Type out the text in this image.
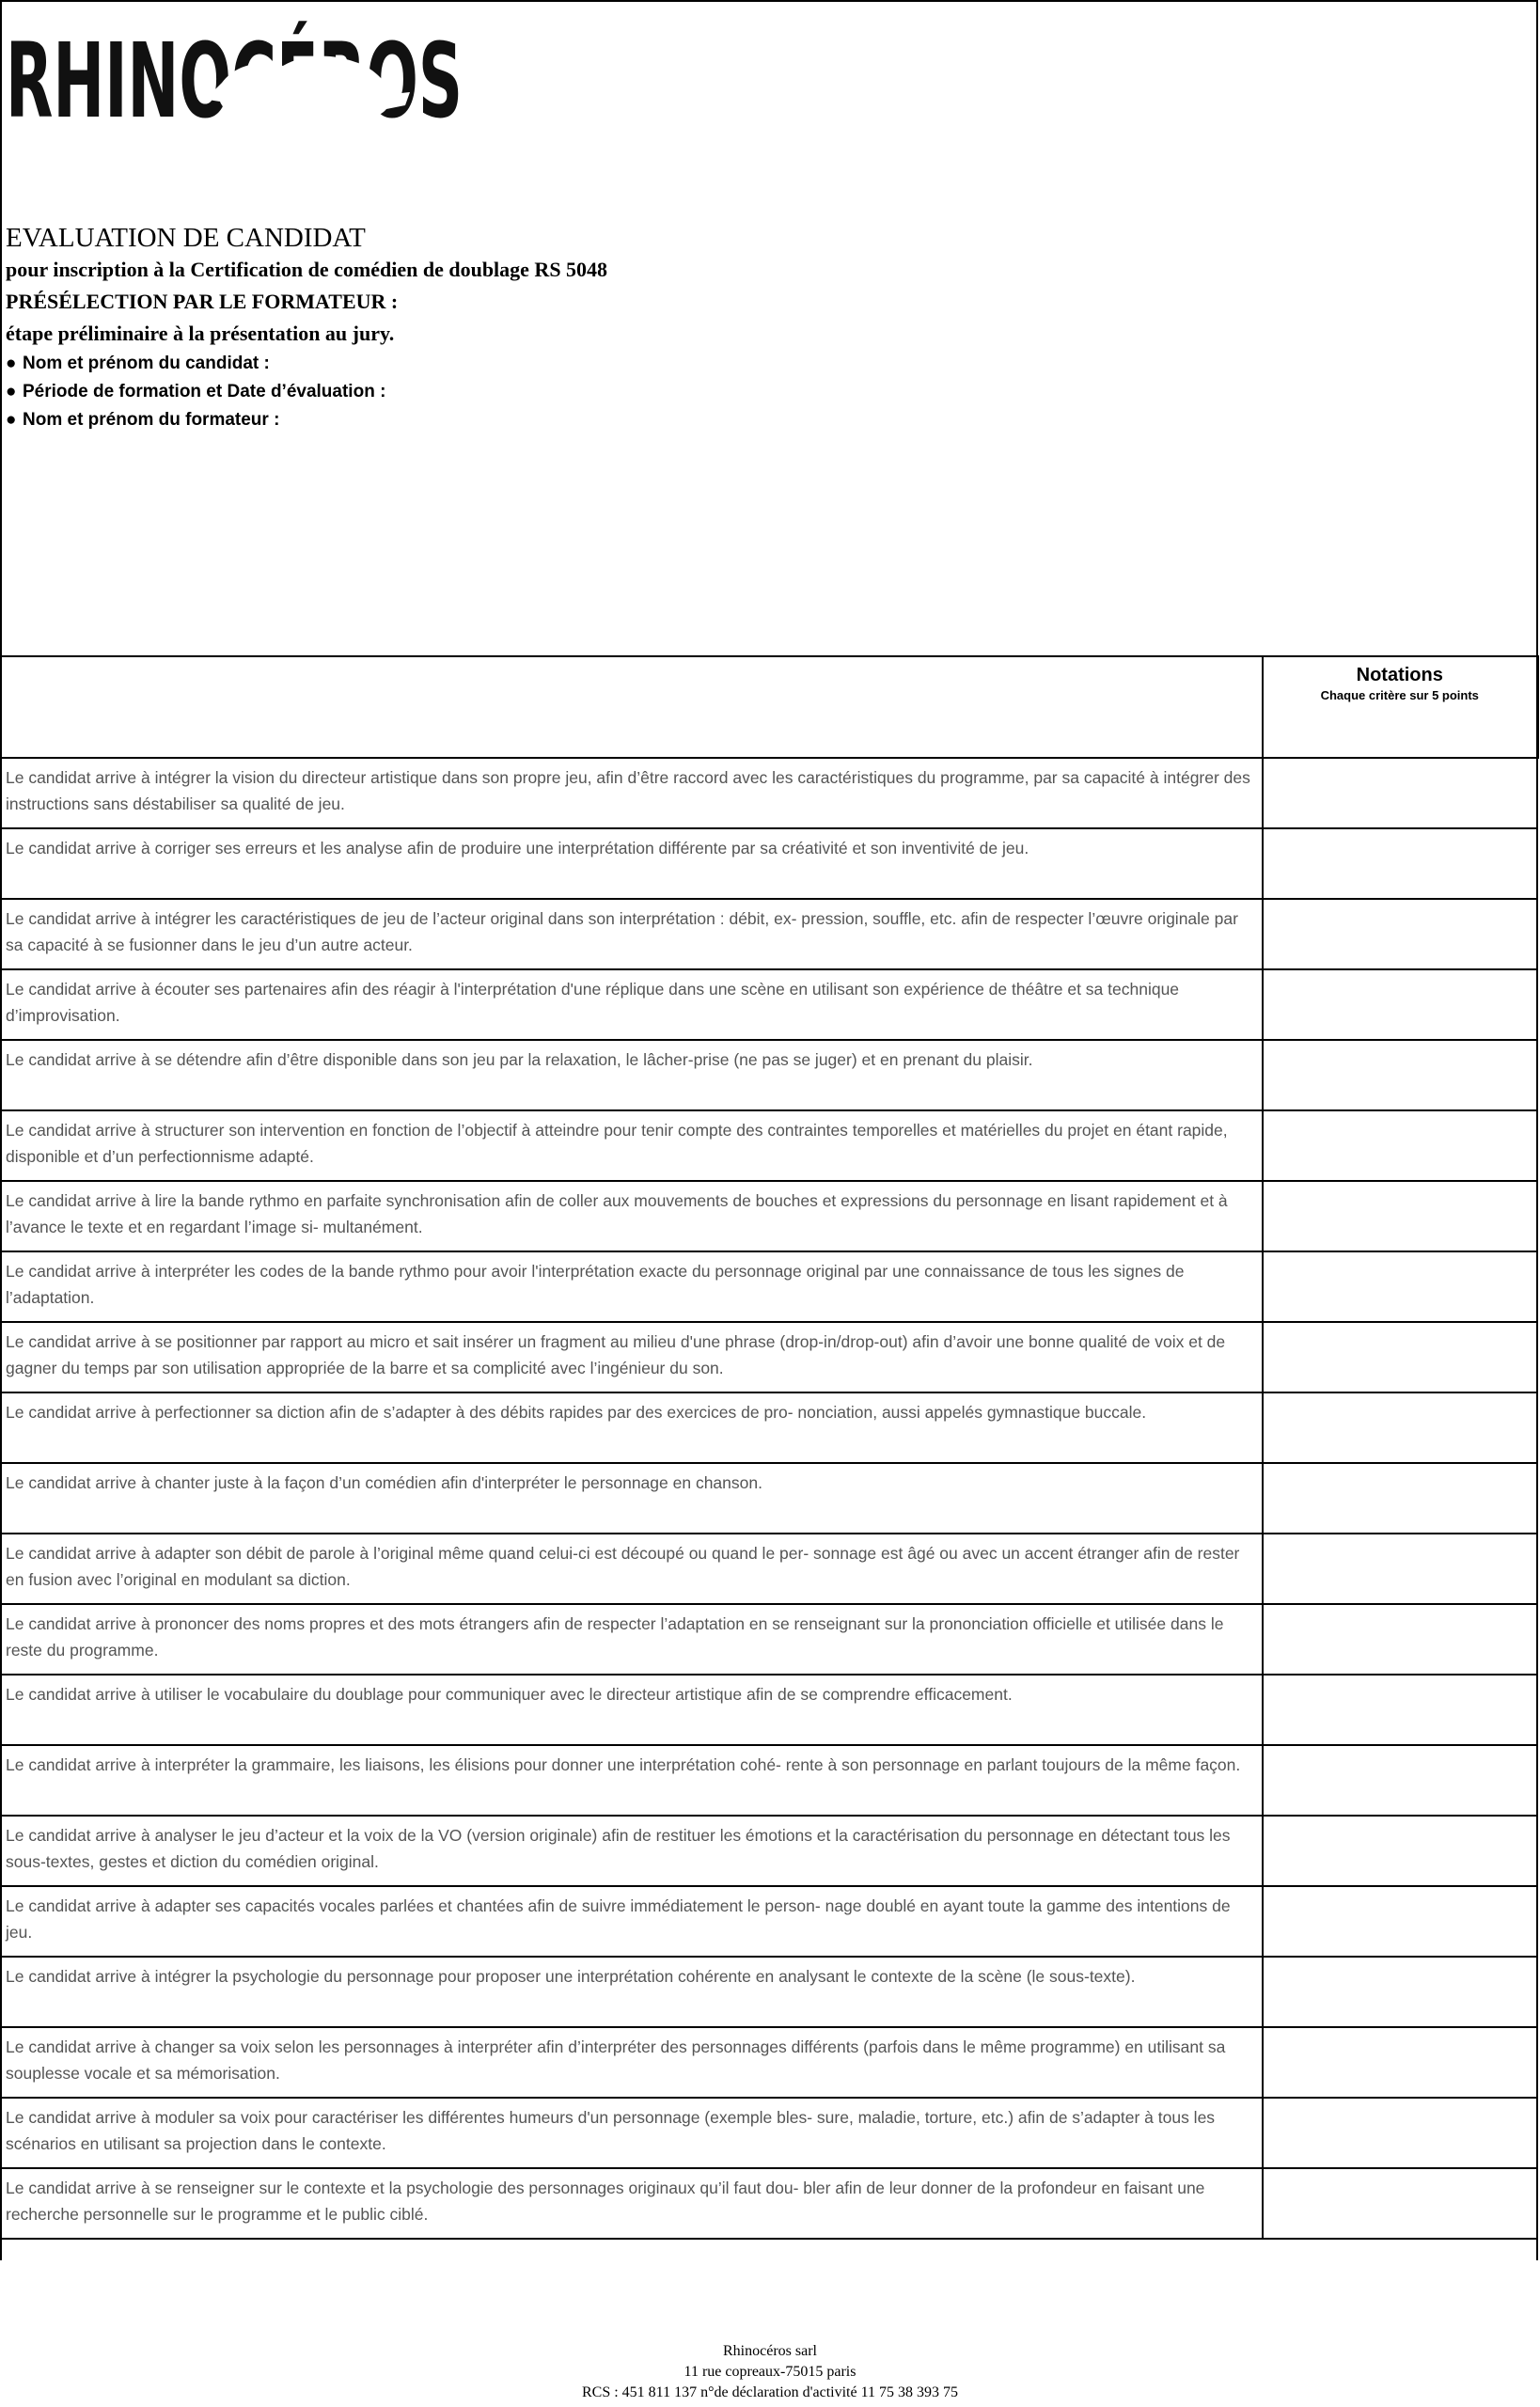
RHINOCÉROS
EVALUATION DE CANDIDAT

pour inscription à la Certification de comédien de doublage RS 5048

PRÉSÉLECTION PAR LE FORMATEUR :

étape préliminaire à la présentation au jury.

● Nom et prénom du candidat :

● Période de formation et Date d’évaluation :

● Nom et prénom du formateur :

	Notations
Chaque critère sur 5 points

Le candidat arrive à intégrer la vision du directeur artistique dans son propre jeu, afin d’être raccord avec les caractéristiques du programme, par sa capacité à intégrer des instructions sans déstabiliser sa qualité de jeu.	

Le candidat arrive à corriger ses erreurs et les analyse afin de produire une interprétation différente par sa créativité et son inventivité de jeu.	

Le candidat arrive à intégrer les caractéristiques de jeu de l’acteur original dans son interprétation : débit, ex- pression, souffle, etc. afin de respecter l’œuvre originale par sa capacité à se fusionner dans le jeu d’un autre acteur.	

Le candidat arrive à écouter ses partenaires afin des réagir à l'interprétation d'une réplique dans une scène en utilisant son expérience de théâtre et sa technique d’improvisation.	

Le candidat arrive à se détendre afin d’être disponible dans son jeu par la relaxation, le lâcher-prise (ne pas se juger) et en prenant du plaisir.	

Le candidat arrive à structurer son intervention en fonction de l’objectif à atteindre pour tenir compte des contraintes temporelles et matérielles du projet en étant rapide, disponible et d’un perfectionnisme adapté.	

Le candidat arrive à lire la bande rythmo en parfaite synchronisation afin de coller aux mouvements de bouches et expressions du personnage en lisant rapidement et à l’avance le texte et en regardant l’image si- multanément.	

Le candidat arrive à interpréter les codes de la bande rythmo pour avoir l'interprétation exacte du personnage original par une connaissance de tous les signes de l’adaptation.	

Le candidat arrive à se positionner par rapport au micro et sait insérer un fragment au milieu d'une phrase (drop-in/drop-out) afin d’avoir une bonne qualité de voix et de gagner du temps par son utilisation appropriée de la barre et sa complicité avec l’ingénieur du son.	

Le candidat arrive à perfectionner sa diction afin de s’adapter à des débits rapides par des exercices de pro- nonciation, aussi appelés gymnastique buccale.	

Le candidat arrive à chanter juste à la façon d’un comédien afin d'interpréter le personnage en chanson.	

Le candidat arrive à adapter son débit de parole à l’original même quand celui-ci est découpé ou quand le per- sonnage est âgé ou avec un accent étranger afin de rester en fusion avec l’original en modulant sa diction.	

Le candidat arrive à prononcer des noms propres et des mots étrangers afin de respecter l’adaptation en se renseignant sur la prononciation officielle et utilisée dans le reste du programme.	

Le candidat arrive à utiliser le vocabulaire du doublage pour communiquer avec le directeur artistique afin de se comprendre efficacement.	

Le candidat arrive à interpréter la grammaire, les liaisons, les élisions pour donner une interprétation cohé- rente à son personnage en parlant toujours de la même façon.	

Le candidat arrive à analyser le jeu d’acteur et la voix de la VO (version originale) afin de restituer les émotions et la caractérisation du personnage en détectant tous les sous-textes, gestes et diction du comédien original.	

Le candidat arrive à adapter ses capacités vocales parlées et chantées afin de suivre immédiatement le person- nage doublé en ayant toute la gamme des intentions de jeu.	

Le candidat arrive à intégrer la psychologie du personnage pour proposer une interprétation cohérente en analysant le contexte de la scène (le sous-texte).	

Le candidat arrive à changer sa voix selon les personnages à interpréter afin d’interpréter des personnages différents (parfois dans le même programme) en utilisant sa souplesse vocale et sa mémorisation.	

Le candidat arrive à moduler sa voix pour caractériser les différentes humeurs d'un personnage (exemple bles- sure, maladie, torture, etc.) afin de s’adapter à tous les scénarios en utilisant sa projection dans le contexte.	

Le candidat arrive à se renseigner sur le contexte et la psychologie des personnages originaux qu’il faut dou- bler afin de leur donner de la profondeur en faisant une recherche personnelle sur le programme et le public ciblé.	

Rhinocéros sarl
11 rue copreaux-75015 paris
RCS : 451 811 137 n°de déclaration d'activité 11 75 38 393 75
